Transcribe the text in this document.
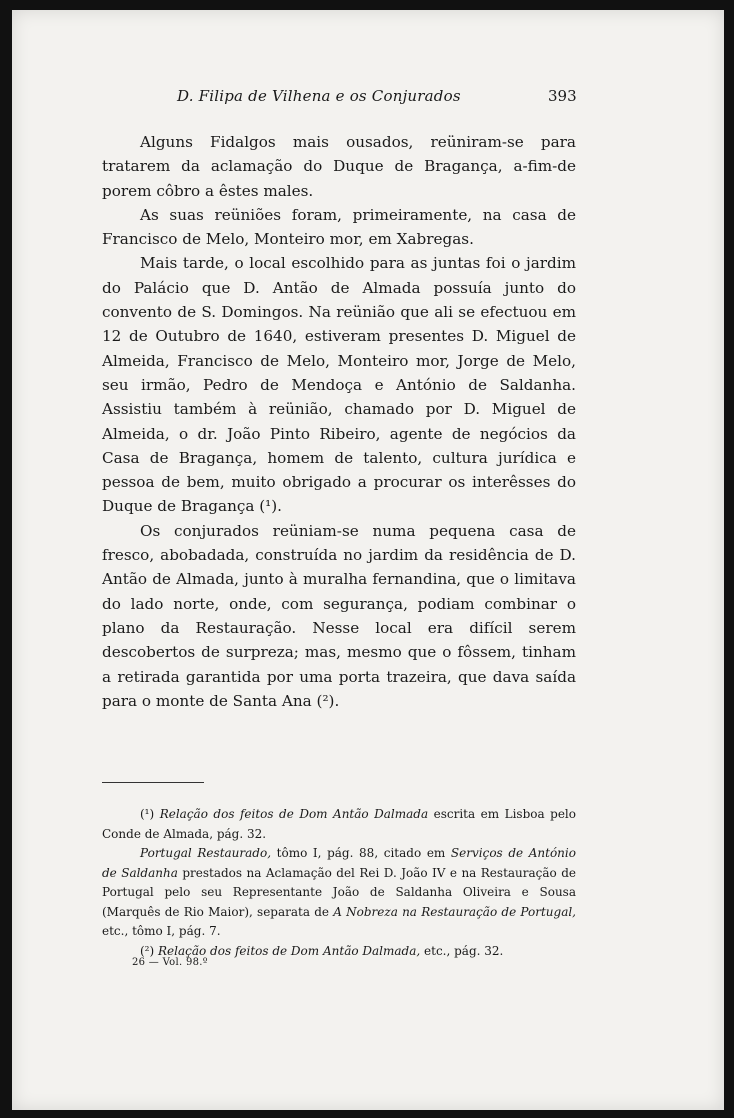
D. Filipa de Vilhena e os Conjurados	393

Alguns Fidalgos mais ousados, reüniram-se para tratarem da aclamação do Duque de Bragança, a-fim-de porem côbro a êstes males.

As suas reüniões foram, primeiramente, na casa de Francisco de Melo, Monteiro mor, em Xabregas.

Mais tarde, o local escolhido para as juntas foi o jardim do Palácio que D. Antão de Almada possuía junto do convento de S. Domingos. Na reünião que ali se efectuou em 12 de Outubro de 1640, estiveram presentes D. Miguel de Almeida, Francisco de Melo, Monteiro mor, Jorge de Melo, seu irmão, Pedro de Mendoça e António de Saldanha. Assistiu também à reünião, chamado por D. Miguel de Almeida, o dr. João Pinto Ribeiro, agente de negócios da Casa de Bragança, homem de talento, cultura jurídica e pessoa de bem, muito obrigado a procurar os interêsses do Duque de Bragança (¹).

Os conjurados reüniam-se numa pequena casa de fresco, abobadada, construída no jardim da residência de D. Antão de Almada, junto à muralha fernandina, que o limitava do lado norte, onde, com segurança, podiam combinar o plano da Restauração. Nesse local era difícil serem descobertos de surpreza; mas, mesmo que o fôssem, tinham a retirada garantida por uma porta trazeira, que dava saída para o monte de Santa Ana (²).

(¹) Relação dos feitos de Dom Antão Dalmada escrita em Lisboa pelo Conde de Almada, pág. 32.

Portugal Restaurado, tômo I, pág. 88, citado em Serviços de António de Saldanha prestados na Aclamação del Rei D. João IV e na Restauração de Portugal pelo seu Representante João de Saldanha Oliveira e Sousa (Marquês de Rio Maior), separata de A Nobreza na Restauração de Portugal, etc., tômo I, pág. 7.

(²) Relação dos feitos de Dom Antão Dalmada, etc., pág. 32.

26 — Vol. 98.º
